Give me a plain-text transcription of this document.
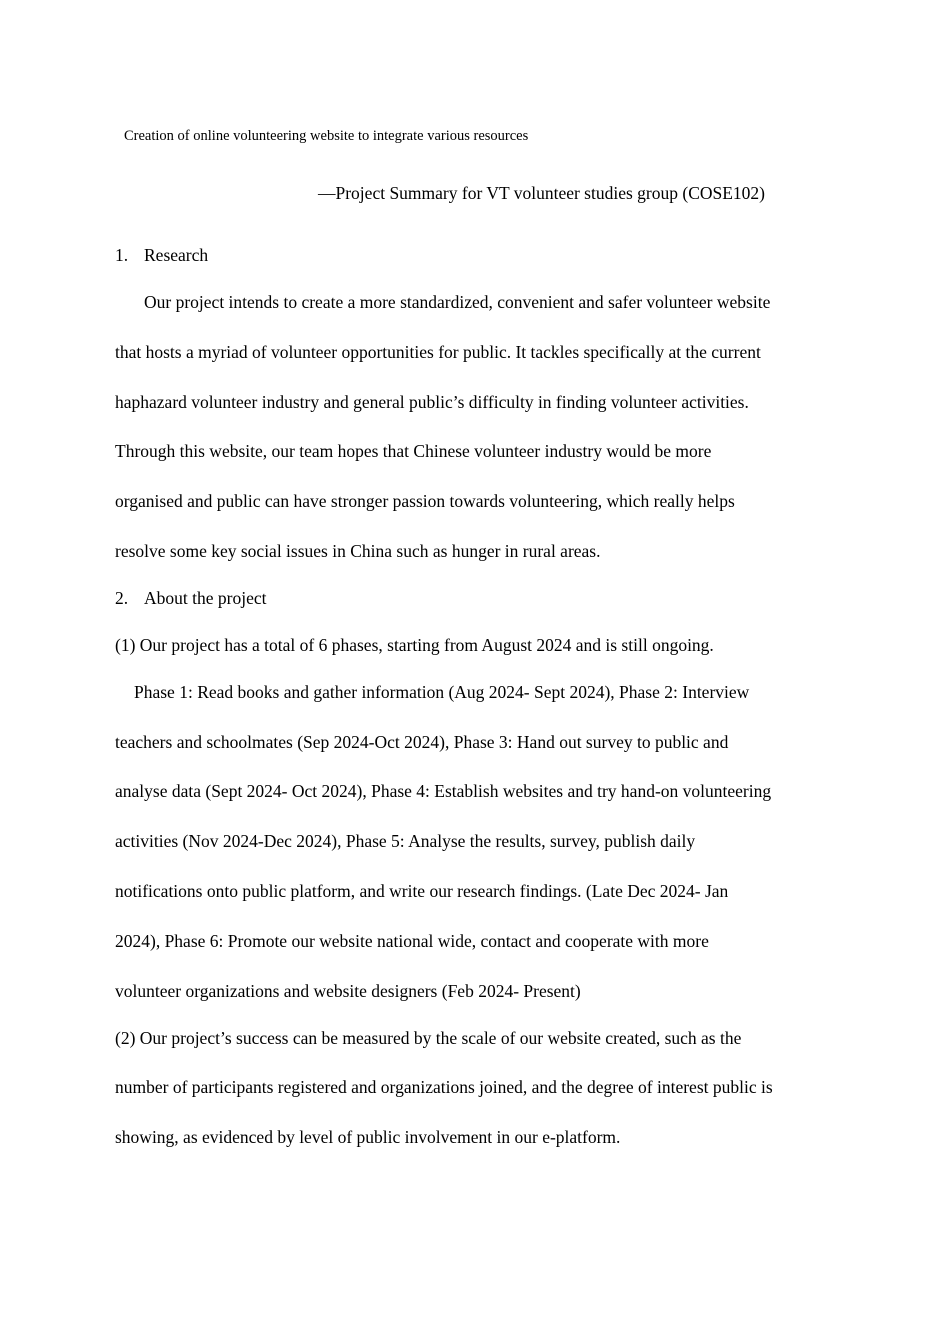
Creation of online volunteering website to integrate various resources
—Project Summary for VT volunteer studies group (COSE102)
1. Research
Our project intends to create a more standardized, convenient and safer volunteer website
that hosts a myriad of volunteer opportunities for public. It tackles specifically at the current
haphazard volunteer industry and general public’s difficulty in finding volunteer activities.
Through this website, our team hopes that Chinese volunteer industry would be more
organised and public can have stronger passion towards volunteering, which really helps
resolve some key social issues in China such as hunger in rural areas.
2. About the project
(1) Our project has a total of 6 phases, starting from August 2024 and is still ongoing.
Phase 1: Read books and gather information (Aug 2024- Sept 2024), Phase 2: Interview
teachers and schoolmates (Sep 2024-Oct 2024), Phase 3: Hand out survey to public and
analyse data (Sept 2024- Oct 2024), Phase 4: Establish websites and try hand-on volunteering
activities (Nov 2024-Dec 2024), Phase 5: Analyse the results, survey, publish daily
notifications onto public platform, and write our research findings. (Late Dec 2024- Jan
2024), Phase 6: Promote our website national wide, contact and cooperate with more
volunteer organizations and website designers (Feb 2024- Present)
(2) Our project’s success can be measured by the scale of our website created, such as the
number of participants registered and organizations joined, and the degree of interest public is
showing, as evidenced by level of public involvement in our e-platform.
